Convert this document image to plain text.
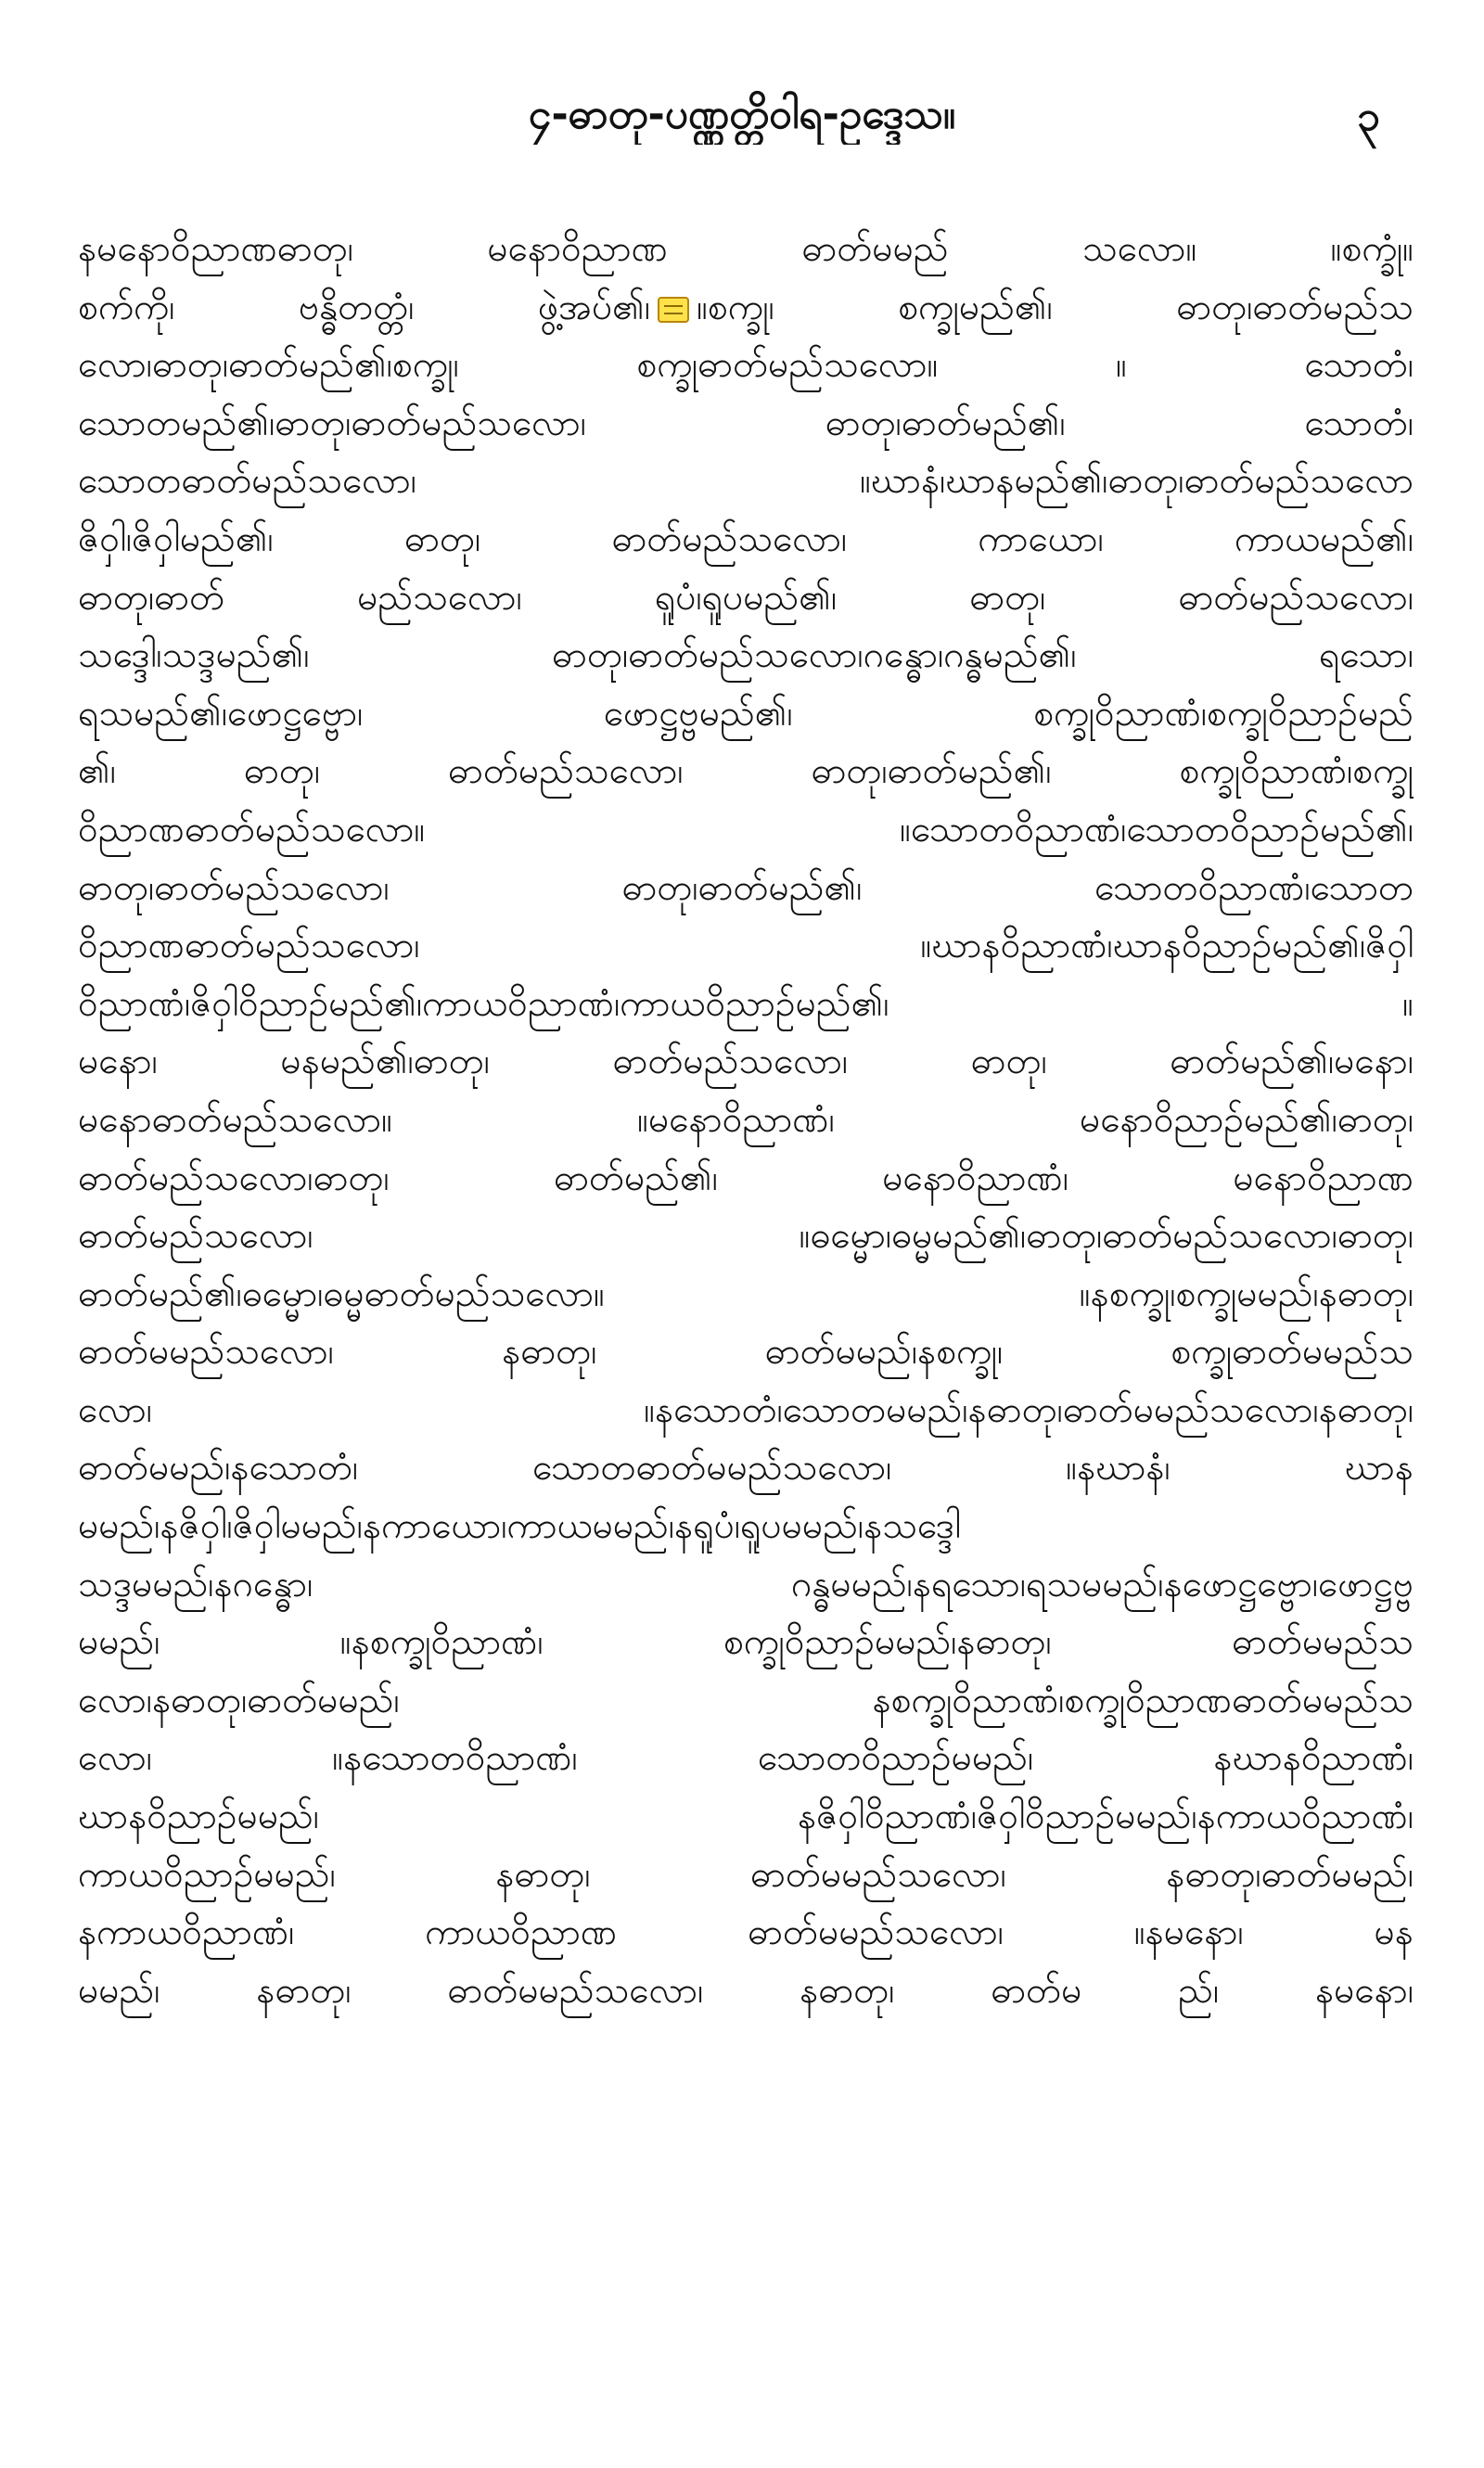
၄-ဓာတု-ပဏ္ဏတ္တိဝါရ-ဥဒ္ဒေသ။	၃
နမနောဝိညာဏဓာတု၊ မနောဝိညာဏ ဓာတ်မမည် သလော။ ။စက္ခုံ။
စက်ကို၊ ဗန္ဓိတတ္တံ၊ ဖွဲ့အပ်၏၊ ။စက္ခု၊ စက္ခုမည်၏၊ ဓာတု၊ဓာတ်မည်သ
လော၊ဓာတု၊ဓာတ်မည်၏၊စက္ခု၊ စက္ခုဓာတ်မည်သလော။ ။ သောတံ၊
သောတမည်၏၊ဓာတု၊ဓာတ်မည်သလော၊ ဓာတု၊ဓာတ်မည်၏၊ သောတံ၊
သောတဓာတ်မည်သလော၊ ။ဃာနံ၊ဃာနမည်၏၊ဓာတု၊ဓာတ်မည်သလော
ဇိဝှါ၊ဇိဝှါမည်၏၊ ဓာတု၊ ဓာတ်မည်သလော၊ ကာယော၊ ကာယမည်၏၊
ဓာတု၊ဓာတ် မည်သလော၊ ရူပံ၊ရူပမည်၏၊ ဓာတု၊ ဓာတ်မည်သလော၊
သဒ္ဒေါ၊သဒ္ဒမည်၏၊ ဓာတု၊ဓာတ်မည်သလော၊ဂန္ဓော၊ဂန္ဓမည်၏၊ ရသော၊
ရသမည်၏၊ဖောဋ္ဌဗ္ဗော၊ ဖောဋ္ဌဗ္ဗမည်၏၊ စက္ခုဝိညာဏံ၊စက္ခုဝိညာဉ်မည်
၏၊ ဓာတု၊ ဓာတ်မည်သလော၊ ဓာတု၊ဓာတ်မည်၏၊ စက္ခုဝိညာဏံ၊စက္ခု
ဝိညာဏဓာတ်မည်သလော။ ။သောတဝိညာဏံ၊သောတဝိညာဉ်မည်၏၊
ဓာတု၊ဓာတ်မည်သလော၊ ဓာတု၊ဓာတ်မည်၏၊ သောတဝိညာဏံ၊သောတ
ဝိညာဏဓာတ်မည်သလော၊ ။ဃာနဝိညာဏံ၊ဃာနဝိညာဉ်မည်၏၊ဇိဝှါ
ဝိညာဏံ၊ဇိဝှါဝိညာဉ်မည်၏၊ကာယဝိညာဏံ၊ကာယဝိညာဉ်မည်၏၊ ။
မနော၊ မနမည်၏၊ဓာတု၊ ဓာတ်မည်သလော၊ ဓာတု၊ ဓာတ်မည်၏၊မနော၊
မနောဓာတ်မည်သလော။ ။မနောဝိညာဏံ၊ မနောဝိညာဉ်မည်၏၊ဓာတု၊
ဓာတ်မည်သလော၊ဓာတု၊ ဓာတ်မည်၏၊ မနောဝိညာဏံ၊ မနောဝိညာဏ
ဓာတ်မည်သလော၊ ။ဓမ္မော၊ဓမ္မမည်၏၊ဓာတု၊ဓာတ်မည်သလော၊ဓာတု၊
ဓာတ်မည်၏၊ဓမ္မော၊ဓမ္မဓာတ်မည်သလော။ ။နစက္ခု၊စက္ခုမမည်၊နဓာတု၊
ဓာတ်မမည်သလော၊ နဓာတု၊ ဓာတ်မမည်၊နစက္ခု၊ စက္ခုဓာတ်မမည်သ
လော၊ ။နသောတံ၊သောတမမည်၊နဓာတု၊ဓာတ်မမည်သလော၊နဓာတု၊
ဓာတ်မမည်၊နသောတံ၊ သောတဓာတ်မမည်သလော၊ ။နဃာနံ၊ ဃာန
မမည်၊နဇိဝှါ၊ဇိဝှါမမည်၊နကာယော၊ကာယမမည်၊နရူပံ၊ရူပမမည်၊နသဒ္ဒေါ
သဒ္ဒမမည်၊နဂန္ဓော၊ ဂန္ဓမမည်၊နရသော၊ရသမမည်၊နဖောဋ္ဌဗ္ဗော၊ဖောဋ္ဌဗ္ဗ
မမည်၊ ။နစက္ခုဝိညာဏံ၊ စက္ခုဝိညာဉ်မမည်၊နဓာတု၊ ဓာတ်မမည်သ
လော၊နဓာတု၊ဓာတ်မမည်၊ နစက္ခုဝိညာဏံ၊စက္ခုဝိညာဏဓာတ်မမည်သ
လော၊ ။နသောတဝိညာဏံ၊ သောတဝိညာဉ်မမည်၊ နဃာနဝိညာဏံ၊
ဃာနဝိညာဉ်မမည်၊ နဇိဝှါဝိညာဏံ၊ဇိဝှါဝိညာဉ်မမည်၊နကာယဝိညာဏံ၊
ကာယဝိညာဉ်မမည်၊ နဓာတု၊ ဓာတ်မမည်သလော၊ နဓာတု၊ဓာတ်မမည်၊
နကာယဝိညာဏံ၊ ကာယဝိညာဏ ဓာတ်မမည်သလော၊ ။နမနော၊ မန
မမည်၊ နဓာတု၊ ဓာတ်မမည်သလော၊ နဓာတု၊ ဓာတ်မ ည်၊ နမနော၊
